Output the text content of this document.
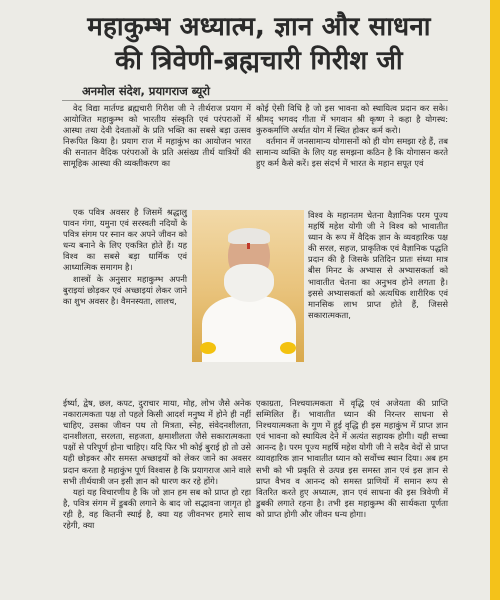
महाकुम्भ अध्यात्म, ज्ञान और साधना
की त्रिवेणी-ब्रह्मचारी गिरीश जी
अनमोल संदेश, प्रयागराज ब्यूरो

वेद विद्या मार्तण्ड ब्रह्मचारी गिरीश जी ने तीर्थराज प्रयाग में आयोजित महाकुम्भ को भारतीय संस्कृति एवं परंपराओं में आस्था तथा देवी देवताओं के प्रति भक्ति का सबसे बड़ा उत्सव निरूपित किया है। प्रयाग राज में महाकुंभ का आयोजन भारत की सनातन वैदिक परंपराओं के प्रति असंख्य तीर्थ यात्रियों की सामूहिक आस्था की व्यक्तीकरण का

एक पवित्र अवसर है जिसमें श्रद्धालु पावन गंगा, यमुना एवं सरस्वती नदियों के पवित्र संगम पर स्नान कर अपने जीवन को धन्य बनाने के लिए एकत्रित होते हैं। यह विश्व का सबसे बड़ा धार्मिक एवं आध्यात्मिक समागम है।

शास्त्रों के अनुसार महाकुम्भ अपनी बुराइयां छोड़कर एवं अच्छाइयां लेकर जाने का शुभ अवसर है। वैमनस्यता, लालच,

कोई ऐसी विधि है जो इस भावना को स्थायित्व प्रदान कर सके। श्रीमद् भगवद गीता में भगवान श्री कृष्ण ने कहा है योगस्थ: कुरुकर्माणि अर्थात योग में स्थित होकर कर्म करो।

वर्तमान में जनसामान्य योगासनों को ही योग समझा रहे हैं, तब सामान्य व्यक्ति के लिए यह समझना कठिन है कि योगासन करते हुए कर्म कैसे करें। इस संदर्भ में भारत के महान सपूत एवं

विश्व के महानतम चेतना वैज्ञानिक परम पूज्य महर्षि महेश योगी जी ने विश्व को भावातीत ध्यान के रूप में वैदिक ज्ञान के व्यवहारिक पक्ष की सरल, सहज, प्राकृतिक एवं वैज्ञानिक पद्धति प्रदान की है जिसके प्रतिदिन प्रातः संध्या मात्र बीस मिनट के अभ्यास से अभ्यासकर्ता को भावातीत चेतना का अनुभव होने लगता है। इससे अभ्यासकर्ता को अत्यधिक शारीरिक एवं मानसिक लाभ प्राप्त होते हैं, जिससे सकारात्मकता,

ईर्ष्या, द्वेष, छल, कपट, दुराचार माया, मोह, लोभ जैसे अनेक नकारात्मकता पक्ष तो पहले किसी आदर्श मनुष्य में होने ही नहीं चाहिए, उसका जीवन पथ तो मित्रता, स्नेह, संवेदनशीलता, दानशीलता, सरलता, सहजता, क्षमाशीलता जैसे सकारात्मकता पक्षों से परिपूर्ण होना चाहिए। यदि फिर भी कोई बुराई हो तो उसे यही छोड़कर और समस्त अच्छाइयों को लेकर जाने का अवसर प्रदान करता है महाकुंभ पूर्ण विश्वास है कि प्रयागराज आने वाले सभी तीर्थयात्री जन इसी ज्ञान को धारण कर रहे होंगे।

यहां यह विचारणीय है कि जो ज्ञान हम सब को प्राप्त हो रहा है, पवित्र संगम में डुबकी लगाने के बाद जो सद्भावना जागृत हो रही है, वह कितनी स्थाई है, क्या यह जीवनभर हमारे साथ रहेगी, क्या

एकाग्रता, निश्चयात्मकता में वृद्धि एवं अजेयता की प्राप्ति सम्मिलित हैं। भावातीत ध्यान की निरन्तर साधना से निश्चयात्मकता के गुण में हुई वृद्धि ही इस महाकुंभ में प्राप्त ज्ञान एवं भावना को स्थायित्व देने में अत्यंत सहायक होगी। यही सच्चा आनन्द है। परम पूज्य महर्षि महेश योगी जी ने सदैव वेदों से प्राप्त व्यावहारिक ज्ञान भावातीत ध्यान को सर्वोच्च स्थान दिया। अब हम सभी को भी प्रकृति से उत्पन्न इस समस्त ज्ञान एवं इस ज्ञान से प्राप्त वैभव व आनन्द को समस्त प्राणियों में समान रूप से वितरित करते हुए अध्यात्म, ज्ञान एवं साधना की इस त्रिवेणी में डुबकी लगाते रहना है। तभी इस महाकुम्भ की सार्थकता पूर्णता को प्राप्त होगी और जीवन धन्य होगा।
